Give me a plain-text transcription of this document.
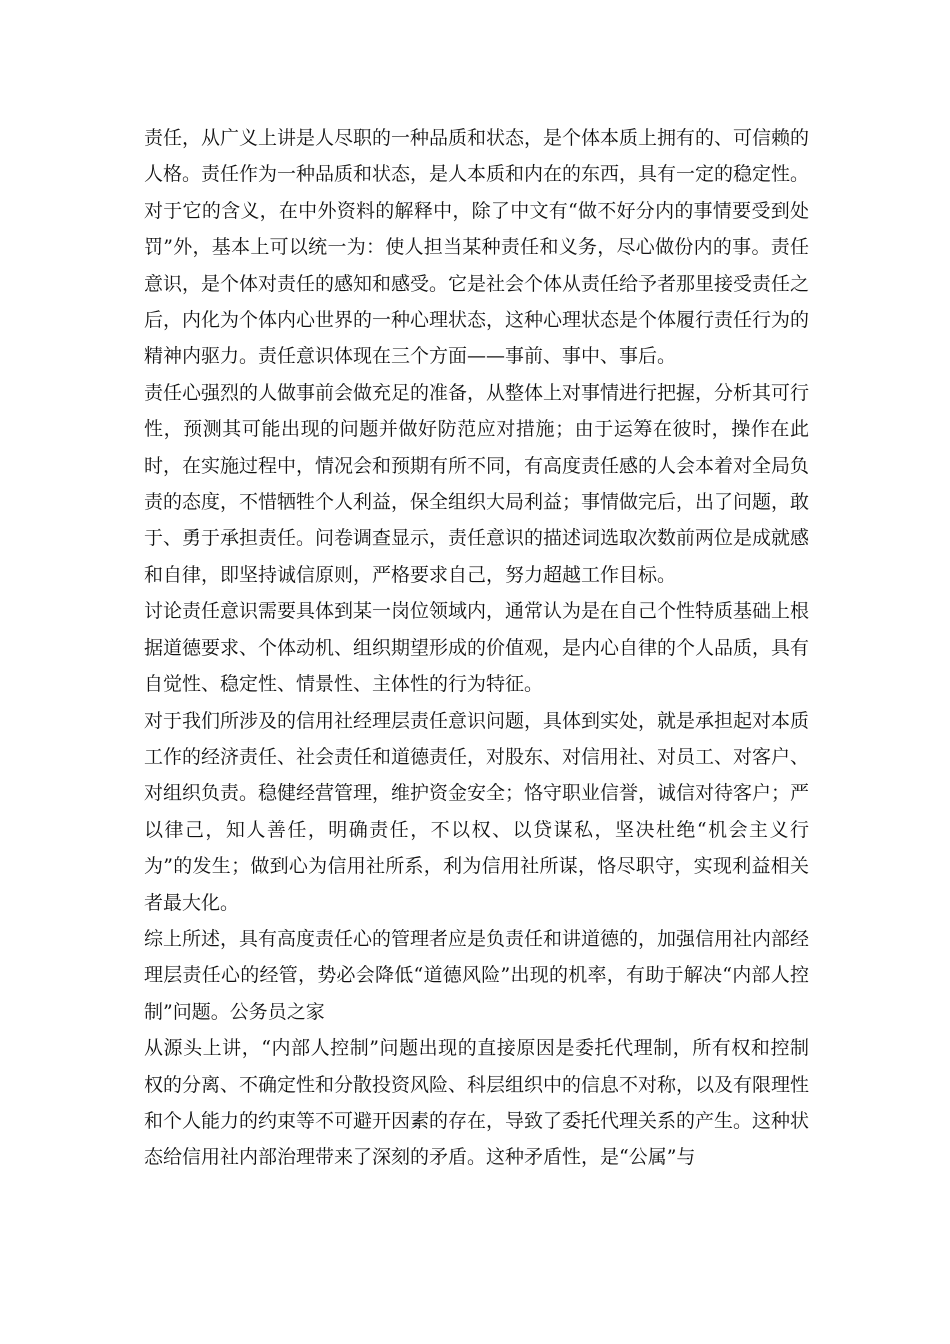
责任，从广义上讲是人尽职的一种品质和状态，是个体本质上拥有的、可信赖的人格。责任作为一种品质和状态，是人本质和内在的东西，具有一定的稳定性。对于它的含义，在中外资料的解释中，除了中文有“做不好分内的事情要受到处罚”外，基本上可以统一为：使人担当某种责任和义务，尽心做份内的事。责任意识，是个体对责任的感知和感受。它是社会个体从责任给予者那里接受责任之后，内化为个体内心世界的一种心理状态，这种心理状态是个体履行责任行为的精神内驱力。责任意识体现在三个方面——事前、事中、事后。

责任心强烈的人做事前会做充足的准备，从整体上对事情进行把握，分析其可行性，预测其可能出现的问题并做好防范应对措施；由于运筹在彼时，操作在此时，在实施过程中，情况会和预期有所不同，有高度责任感的人会本着对全局负责的态度，不惜牺牲个人利益，保全组织大局利益；事情做完后，出了问题，敢于、勇于承担责任。问卷调查显示，责任意识的描述词选取次数前两位是成就感和自律，即坚持诚信原则，严格要求自己，努力超越工作目标。

讨论责任意识需要具体到某一岗位领域内，通常认为是在自己个性特质基础上根据道德要求、个体动机、组织期望形成的价值观，是内心自律的个人品质，具有自觉性、稳定性、情景性、主体性的行为特征。

对于我们所涉及的信用社经理层责任意识问题，具体到实处，就是承担起对本质工作的经济责任、社会责任和道德责任，对股东、对信用社、对员工、对客户、对组织负责。稳健经营管理，维护资金安全；恪守职业信誉，诚信对待客户；严以律己，知人善任，明确责任，不以权、以贷谋私，坚决杜绝“机会主义行为”的发生；做到心为信用社所系，利为信用社所谋，恪尽职守，实现利益相关者最大化。

综上所述，具有高度责任心的管理者应是负责任和讲道德的，加强信用社内部经理层责任心的经管，势必会降低“道德风险”出现的机率，有助于解决“内部人控制”问题。公务员之家

从源头上讲，“内部人控制”问题出现的直接原因是委托代理制，所有权和控制权的分离、不确定性和分散投资风险、科层组织中的信息不对称，以及有限理性和个人能力的约束等不可避开因素的存在，导致了委托代理关系的产生。这种状态给信用社内部治理带来了深刻的矛盾。这种矛盾性，是“公属”与
